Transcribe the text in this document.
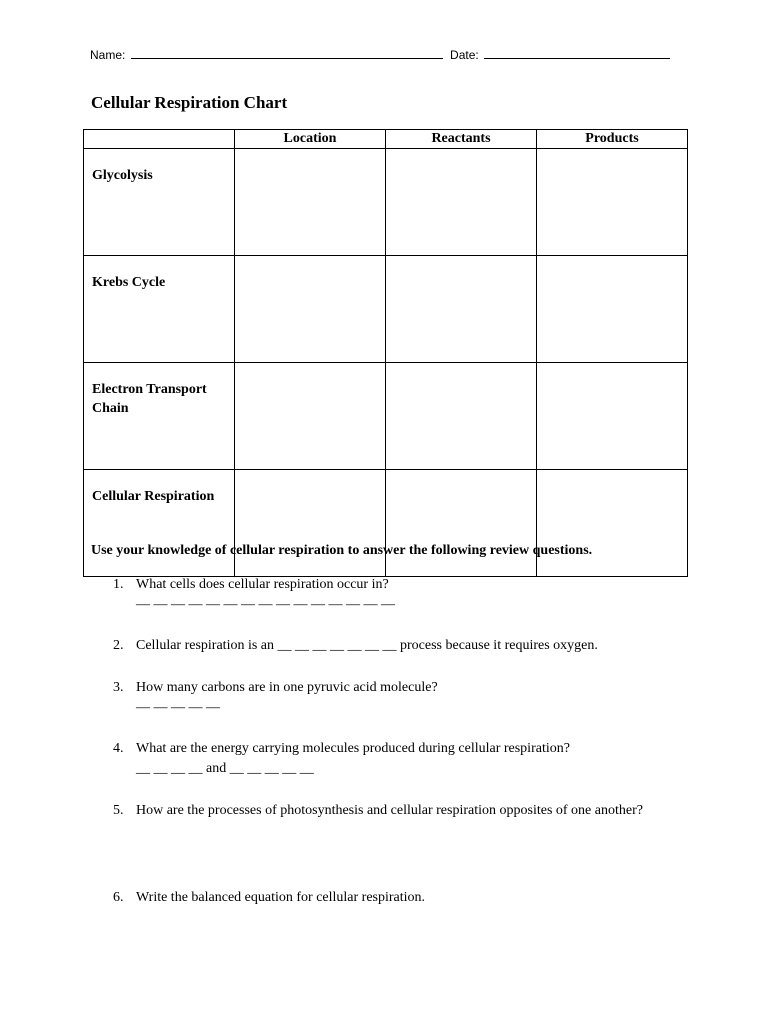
Name:	Date:
Cellular Respiration Chart
	Location	Reactants	Products
Glycolysis			
Krebs Cycle			
Electron Transport Chain			
Cellular Respiration			
Use your knowledge of cellular respiration to answer the following review questions.
1. What cells does cellular respiration occur in?
— — — — — — — — — — — — — — —
2. Cellular respiration is an __ __ __ __ __ __ __ process because it requires oxygen.
3. How many carbons are in one pyruvic acid molecule?
— — — — —
4. What are the energy carrying molecules produced during cellular respiration?
__ __ __ __ and __ __ __ __ __
5. How are the processes of photosynthesis and cellular respiration opposites of one another?
6. Write the balanced equation for cellular respiration.
